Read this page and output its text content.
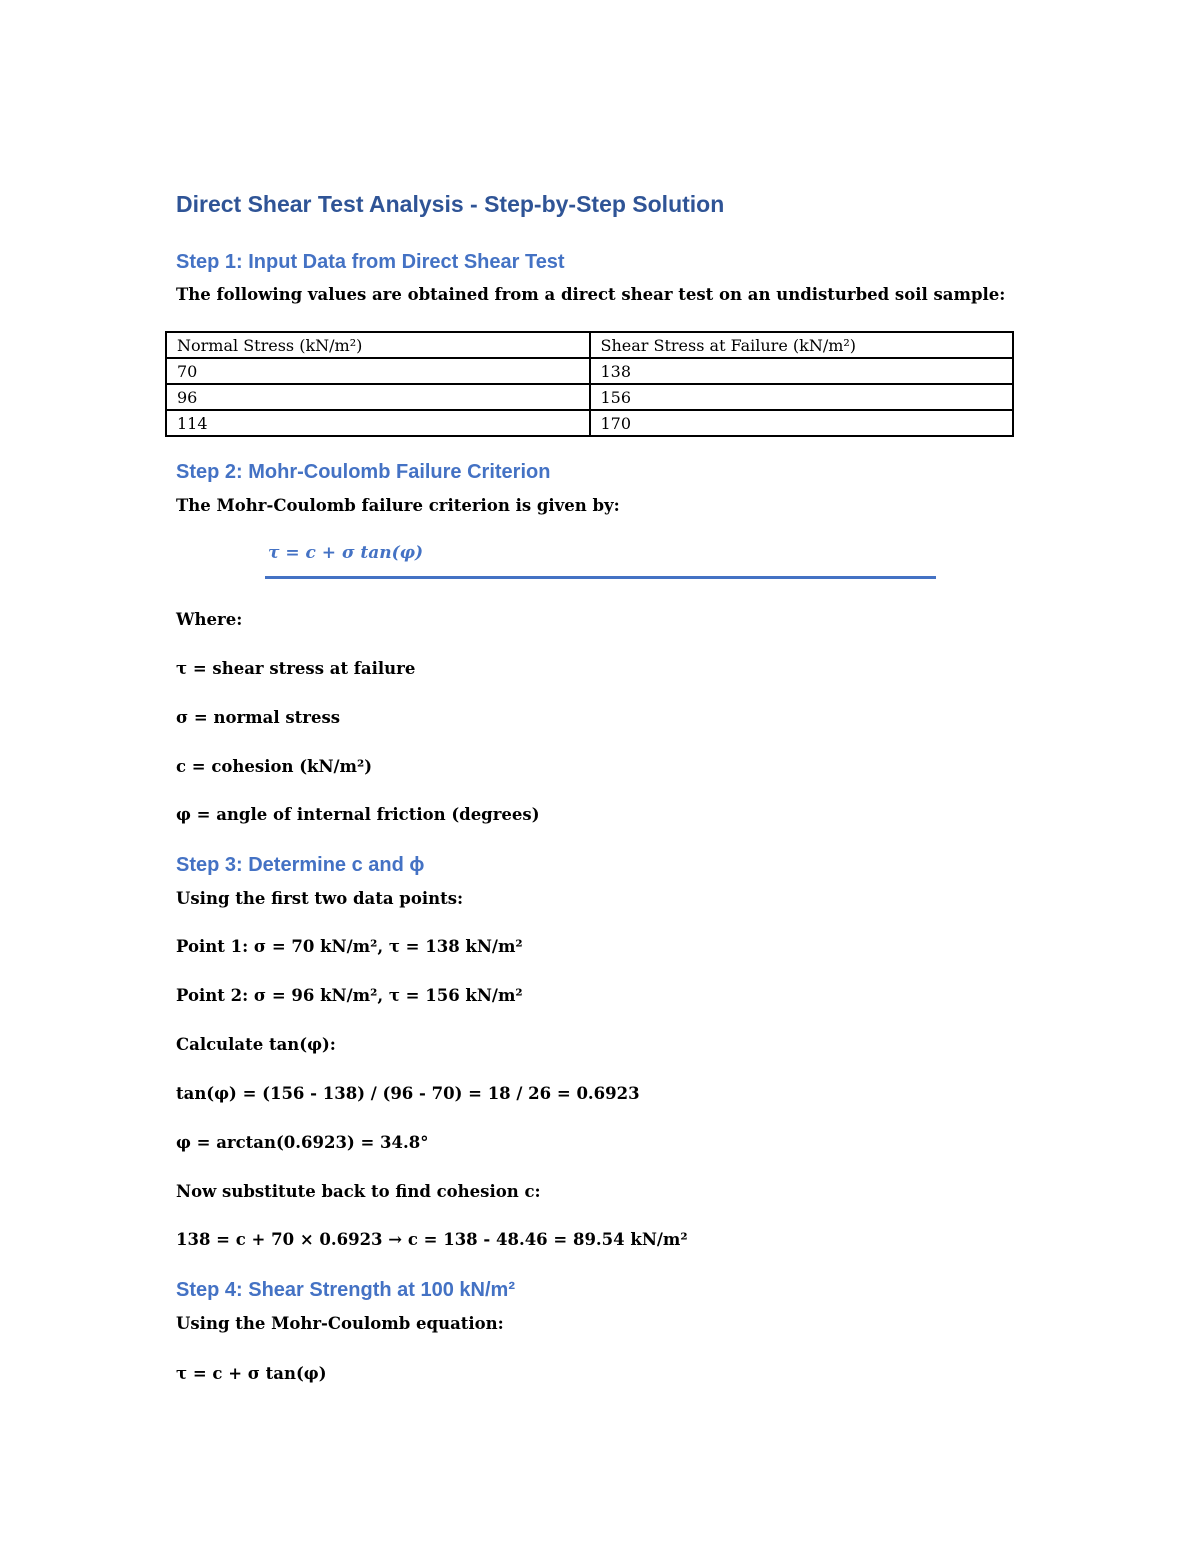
Direct Shear Test Analysis - Step-by-Step Solution
Step 1: Input Data from Direct Shear Test
The following values are obtained from a direct shear test on an undisturbed soil sample:
Normal Stress (kN/m²)	Shear Stress at Failure (kN/m²)
70	138
96	156
114	170
Step 2: Mohr-Coulomb Failure Criterion
The Mohr-Coulomb failure criterion is given by:
τ = c + σ tan(φ)
Where:
τ = shear stress at failure
σ = normal stress
c = cohesion (kN/m²)
φ = angle of internal friction (degrees)
Step 3: Determine c and ϕ
Using the first two data points:
Point 1: σ = 70 kN/m², τ = 138 kN/m²
Point 2: σ = 96 kN/m², τ = 156 kN/m²
Calculate tan(φ):
tan(φ) = (156 - 138) / (96 - 70) = 18 / 26 = 0.6923
φ = arctan(0.6923) = 34.8°
Now substitute back to find cohesion c:
138 = c + 70 × 0.6923 → c = 138 - 48.46 = 89.54 kN/m²
Step 4: Shear Strength at 100 kN/m²
Using the Mohr-Coulomb equation:
τ = c + σ tan(φ)
